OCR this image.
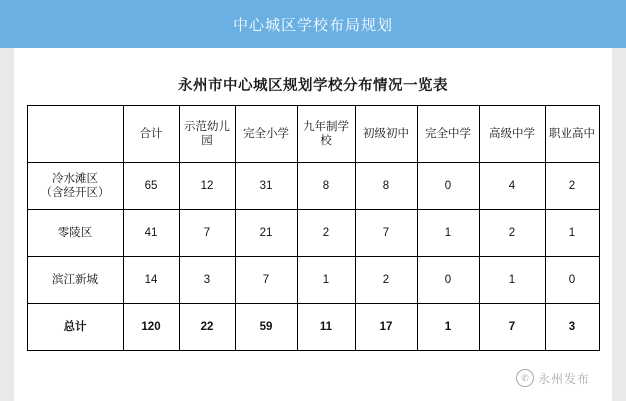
中心城区学校布局规划
永州市中心城区规划学校分布情况一览表
	合计	示范幼儿园	完全小学	九年制学校	初级初中	完全中学	高级中学	职业高中

冷水滩区
（含经开区）	65	12	31	8	8	0	4	2

零陵区	41	7	21	2	7	1	2	1

滨江新城	14	3	7	1	2	0	1	0

总计	120	22	59	11	17	1	7	3
✆ 永州发布
